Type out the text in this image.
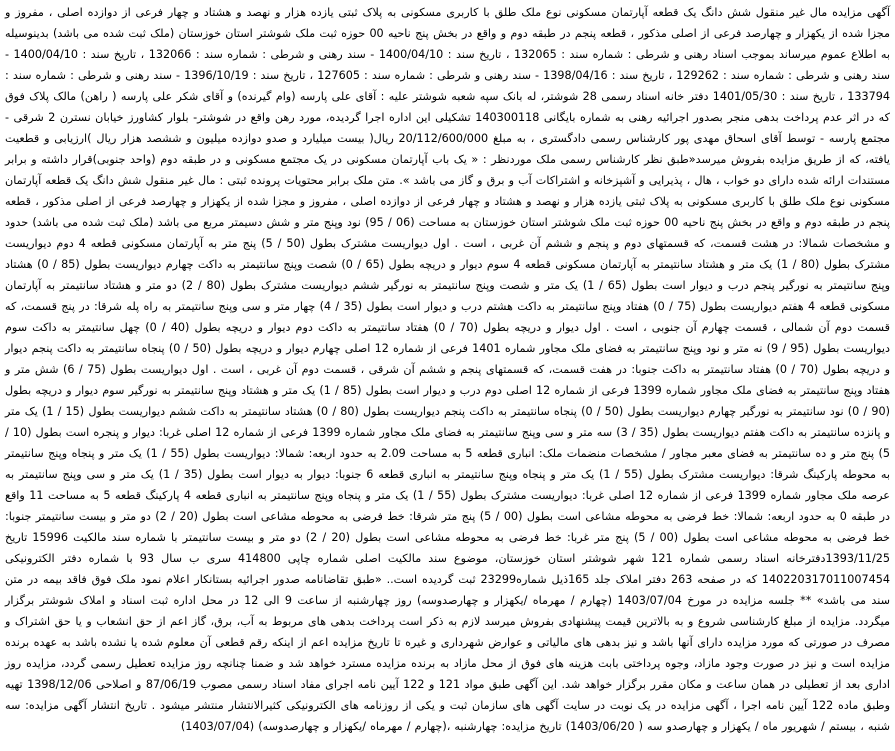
آگهی مزایده مال غیر منقول شش دانگ یک قطعه آپارتمان مسکونی نوع ملک طلق با کاربری مسکونی به پلاک ثبتی یازده هزار و نهصد و هشتاد و چهار فرعی از دوازده اصلی ، مفروز و مجزا شده از یکهزار و چهارصد فرعی از اصلی مذکور ، قطعه پنجم در طبقه دوم و واقع در بخش پنج ناحیه 00 حوزه ثبت ملک شوشتر استان خوزستان (ملک ثبت شده می باشد) بدینوسیله به اطلاع عموم میرساند بموجب اسناد رهنی و شرطی : شماره سند : 132065 ، تاریخ سند : 1400/04/10 - سند رهنی و شرطی : شماره سند : 132066 ، تاریخ سند : 1400/04/10 - سند رهنی و شرطی : شماره سند : 129262 ، تاریخ سند : 1398/04/16 - سند رهنی و شرطی : شماره سند : 127605 ، تاریخ سند : 1396/10/19 - سند رهنی و شرطی : شماره سند : 133794 ، تاریخ سند : 1401/05/30 دفتر خانه اسناد رسمی 28 شوشتر، له بانک سپه شعبه شوشتر علیه : آقای علی پارسه (وام گیرنده) و آقای شکر علی پارسه ( راهن) مالک پلاک فوق که در اثر عدم پرداخت بدهی منجر بصدور اجرائیه رهنی به شماره بایگانی 140300118 تشکیلی این اداره اجرا گردیده، مورد رهن واقع در شوشتر- بلوار کشاورز خیابان نسترن 2 شرقی - مجتمع پارسه - توسط آقای اسحاق مهدی پور کارشناس رسمی دادگستری ، به مبلغ 20/112/600/000 ریال( بیست میلیارد و صدو دوازده میلیون و ششصد هزار ریال )ارزیابی و قطعیت یافته، که از طریق مزایده بفروش میرسد«طبق نظر کارشناس رسمی ملک موردنظر : « یک باب آپارتمان مسکونی در یک مجتمع مسکونی و در طبقه دوم (واحد جنوبی)قرار داشته و برابر مستندات ارائه شده دارای دو خواب ، هال ، پذیرایی و آشپزخانه و اشتراکات آب و برق و گاز می باشد ». متن ملک برابر محتویات پرونده ثبتی : مال غیر منقول شش دانگ یک قطعه آپارتمان مسکونی نوع ملک طلق با کاربری مسکونی به پلاک ثبتی یازده هزار و نهصد و هشتاد و چهار فرعی از دوازده اصلی ، مفروز و مجزا شده از یکهزار و چهارصد فرعی از اصلی مذکور ، قطعه پنجم در طبقه دوم و واقع در بخش پنج ناحیه 00 حوزه ثبت ملک شوشتر استان خوزستان به مساحت (06 / 95) نود وپنج متر و شش دسیمتر مربع می باشد (ملک ثبت شده می باشد) حدود و مشخصات شمالا: در هشت قسمت، که قسمتهای دوم و پنجم و ششم آن غربی ، است . اول دیواریست مشترک بطول (50 / 5) پنج متر به آپارتمان مسکونی قطعه 4 دوم دیواریست مشترک بطول (80 / 1) یک متر و هشتاد سانتیمتر به آپارتمان مسکونی قطعه 4 سوم دیوار و دریچه بطول (65 / 0) شصت وپنج سانتیمتر به داکت چهارم دیواریست بطول (85 / 0) هشتاد وپنج سانتیمتر به نورگیر پنجم درب و دیوار است بطول (65 / 1) یک متر و شصت وپنج سانتیمتر به نورگیر ششم دیواریست مشترک بطول (80 / 2) دو متر و هشتاد سانتیمتر به آپارتمان مسکونی قطعه 4 هفتم دیواریست بطول (75 / 0) هفتاد وپنج سانتیمتر به داکت هشتم درب و دیوار است بطول (35 / 4) چهار متر و سی وپنج سانتیمتر به راه پله شرقا: در پنج قسمت، که قسمت دوم آن شمالی ، قسمت چهارم آن جنوبی ، است . اول دیوار و دریچه بطول (70 / 0) هفتاد سانتیمتر به داکت دوم دیوار و دریچه بطول (40 / 0) چهل سانتیمتر به داکت سوم دیواریست بطول (95 / 9) نه متر و نود وپنج سانتیمتر به فضای ملک مجاور شماره 1401 فرعی از شماره 12 اصلی چهارم دیوار و دریچه بطول (50 / 0) پنجاه سانتیمتر به داکت پنجم دیوار و دریچه بطول (70 / 0) هفتاد سانتیمتر به داکت جنوبا: در هفت قسمت، که قسمتهای پنجم و ششم آن شرقی ، قسمت دوم آن غربی ، است . اول دیواریست بطول (75 / 6) شش متر و هفتاد وپنج سانتیمتر به فضای ملک مجاور شماره 1399 فرعی از شماره 12 اصلی دوم درب و دیوار است بطول (85 / 1) یک متر و هشتاد وپنج سانتیمتر به نورگیر سوم دیوار و دریچه بطول (90 / 0) نود سانتیمتر به نورگیر چهارم دیواریست بطول (50 / 0) پنجاه سانتیمتر به داکت پنجم دیواریست بطول (80 / 0) هشتاد سانتیمتر به داکت ششم دیواریست بطول (15 / 1) یک متر و پانزده سانتیمتر به داکت هفتم دیواریست بطول (35 / 3) سه متر و سی وپنج سانتیمتر به فضای ملک مجاور شماره 1399 فرعی از شماره 12 اصلی غربا: دیوار و پنجره است بطول (10 / 5) پنج متر و ده سانتیمتر به فضای معبر مجاور / مشخصات منضمات ملک: انباری قطعه 5 به مساحت 2.09 به حدود اربعه: شمالا: دیواریست بطول (55 / 1) یک متر و پنجاه وپنج سانتیمتر به محوطه پارکینگ شرقا: دیواریست مشترک بطول (55 / 1) یک متر و پنجاه وپنج سانتیمتر به انباری قطعه 6 جنوبا: دیوار به دیوار است بطول (35 / 1) یک متر و سی وپنج سانتیمتر به عرصه ملک مجاور شماره 1399 فرعی از شماره 12 اصلی غربا: دیواریست مشترک بطول (55 / 1) یک متر و پنجاه وپنج سانتیمتر به انباری قطعه 4 پارکینگ قطعه 5 به مساحت 11 واقع در طبقه 0 به حدود اربعه: شمالا: خط فرضی به محوطه مشاعی است بطول (00 / 5) پنج متر شرقا: خط فرضی به محوطه مشاعی است بطول (20 / 2) دو متر و بیست سانتیمتر جنوبا: خط فرضی به محوطه مشاعی است بطول (00 / 5) پنج متر غربا: خط فرضی به محوطه مشاعی است بطول (20 / 2) دو متر و بیست سانتیمتر با شماره سند مالکیت 15996 تاریخ 1393/11/25دفترخانه اسناد رسمی شماره 121 شهر شوشتر استان خوزستان، موضوع سند مالکیت اصلی شماره چاپی 414800 سری ب سال 93 با شماره دفتر الکترونیکی 140220317011007454 که در صفحه 263 دفتر املاک جلد 165ذیل شماره23299 ثبت گردیده است.. «طبق تقاضانامه صدور اجرائیه بستانکار اعلام نمود ملک فوق فاقد بیمه در متن سند می باشد» ** جلسه مزایده در مورخ 1403/07/04 (چهارم / مهرماه /یکهزار و چهارصدوسه) روز چهارشنبه از ساعت 9 الی 12 در محل اداره ثبت اسناد و املاک شوشتر برگزار میگردد. مزایده از مبلغ کارشناسی شروع و به بالاترین قیمت پیشنهادی بفروش میرسد لازم به ذکر است پرداخت بدهی های مربوط به آب، برق، گاز اعم از حق انشعاب و یا حق اشتراک و مصرف در صورتی که مورد مزایده دارای آنها باشد و نیز بدهی های مالیاتی و عوارض شهرداری و غیره تا تاریخ مزایده اعم از اینکه رقم قطعی آن معلوم شده یا نشده باشد به عهده برنده مزایده است و نیز در صورت وجود مازاد، وجوه پرداختی بابت هزینه های فوق از محل مازاد به برنده مزایده مسترد خواهد شد و ضمنا چنانچه روز مزایده تعطیل رسمی گردد، مزایده روز اداری بعد از تعطیلی در همان ساعت و مکان مقرر برگزار خواهد شد. این آگهی طبق مواد 121 و 122 آیین نامه اجرای مفاد اسناد رسمی مصوب 87/06/19 و اصلاحی 1398/12/06 تهیه وطبق ماده 122 آیین نامه اجرا ، آگهی مزایده در یک نوبت در سایت آگهی های سازمان ثبت و یکی از روزنامه های الکترونیکی کثیرالانتشار منتشر میشود . تاریخ انتشار آگهی مزایده: سه شنبه ، بیستم / شهریور ماه / یکهزار و چهارصدو سه ( 1403/06/20) تاریخ مزایده: چهارشنبه ،(چهارم / مهرماه /یکهزار و چهارصدوسه) (1403/07/04)
